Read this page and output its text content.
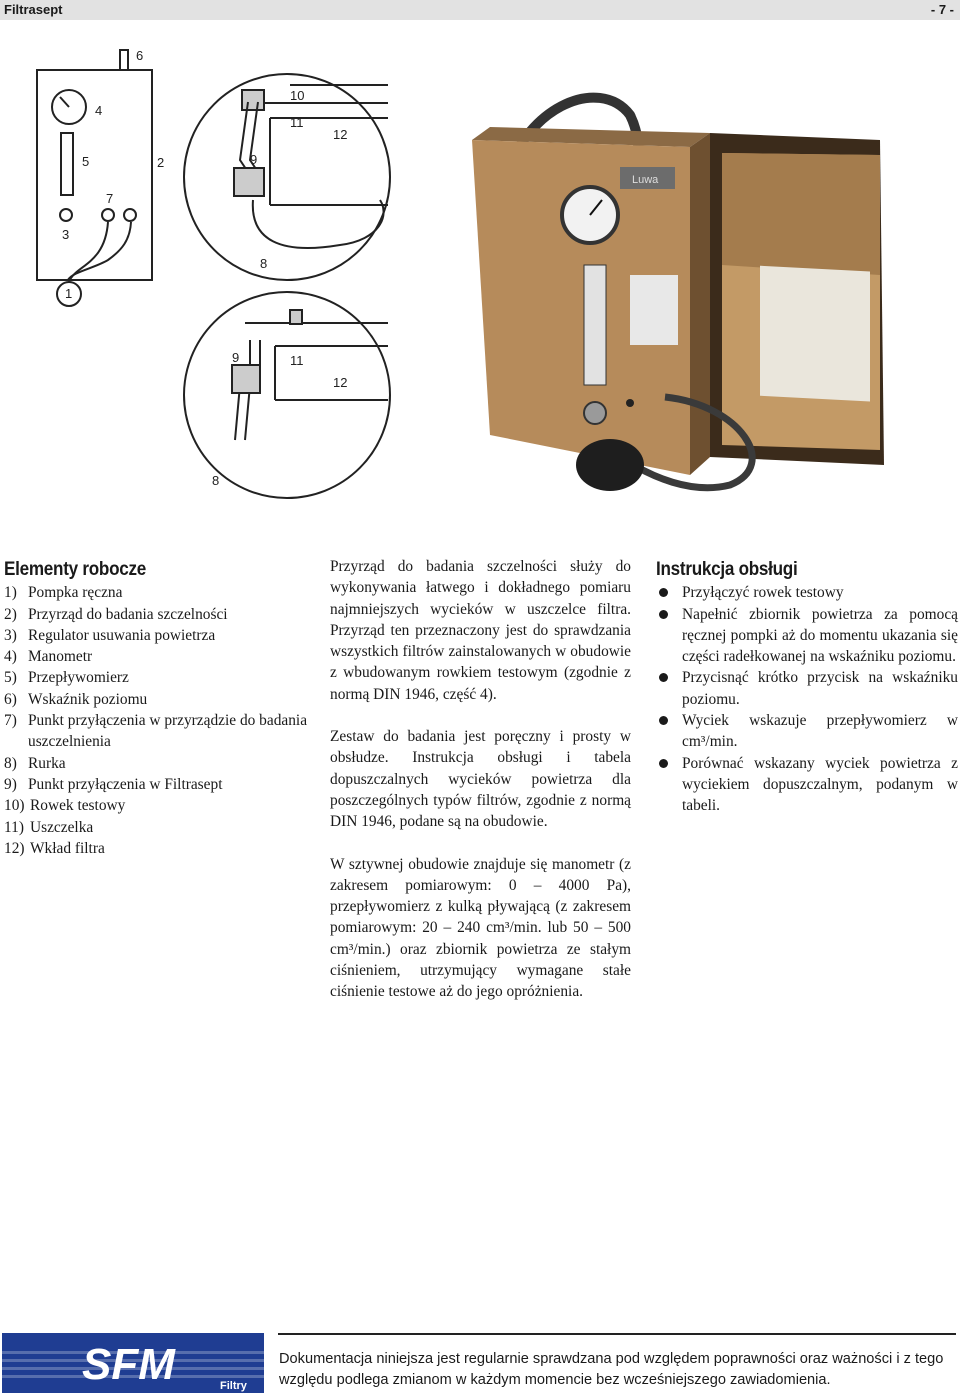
Filtrasept	- 7 -
6
4
5	2
7
3
1
10
11
12
9
8
9	11
12
8
Luwa
Elementy robocze
1) Pompka ręczna
2) Przyrząd do badania szczelności
3) Regulator usuwania powietrza
4) Manometr
5) Przepływomierz
6) Wskaźnik poziomu
7) Punkt przyłączenia w przyrządzie do badania uszczelnienia
8) Rurka
9) Punkt przyłączenia w Filtrasept
10) Rowek testowy
11) Uszczelka
12) Wkład filtra

Przyrząd do badania szczelności służy do wykonywania łatwego i dokładnego pomiaru najmniejszych wycieków w uszczelce filtra. Przyrząd ten przeznaczony jest do sprawdzania wszystkich filtrów zainstalowanych w obudowie z wbudowanym rowkiem testowym (zgodnie z normą DIN 1946, część 4).

Zestaw do badania jest poręczny i prosty w obsłudze. Instrukcja obsługi i tabela dopuszczalnych wycieków powietrza dla poszczególnych typów filtrów, zgodnie z normą DIN 1946, podane są na obudowie.

W sztywnej obudowie znajduje się manometr (z zakresem pomiarowym: 0 – 4000 Pa), przepływomierz z kulką pływającą (z zakresem pomiarowym: 20 – 240 cm³/min. lub 50 – 500 cm³/min.) oraz zbiornik powietrza ze stałym ciśnieniem, utrzymujący wymagane stałe ciśnienie testowe aż do jego opróżnienia.

Instrukcja obsługi
Przyłączyć rowek testowy
Napełnić zbiornik powietrza za pomocą ręcznej pompki aż do momentu ukazania się części radełkowanej na wskaźniku poziomu.
Przycisnąć krótko przycisk na wskaźniku poziomu.
Wyciek wskazuje przepływomierz w cm³/min.
Porównać wskazany wyciek powietrza z wyciekiem dopuszczalnym, podanym w tabeli.
SFM	Filtry
Dokumentacja niniejsza jest regularnie sprawdzana pod względem poprawności oraz ważności i z tego względu podlega zmianom w każdym momencie bez wcześniejszego zawiadomienia.
